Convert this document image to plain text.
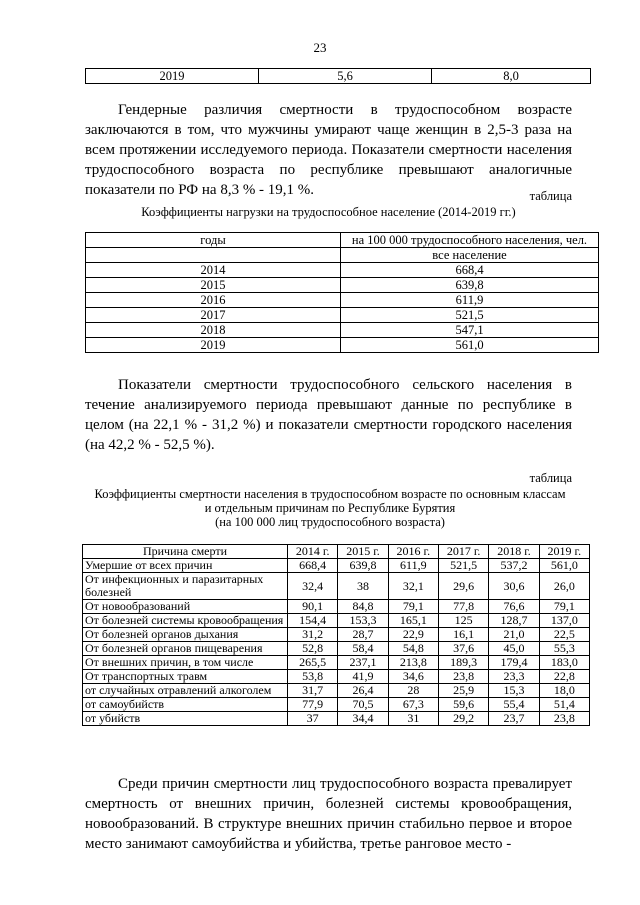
23
2019	5,6	8,0
Гендерные различия смертности в трудоспособном возрасте заключаются в том, что мужчины умирают чаще женщин в 2,5-3 раза на всем протяжении исследуемого периода. Показатели смертности населения трудоспособного возраста по республике превышают аналогичные показатели по РФ на 8,3 % - 19,1 %.	таблица
Коэффициенты нагрузки на трудоспособное население (2014-2019 гг.)
годы	на 100 000 трудоспособного населения, чел.
	все население
2014	668,4
2015	639,8
2016	611,9
2017	521,5
2018	547,1
2019	561,0
Показатели смертности трудоспособного сельского населения в течение анализируемого периода превышают данные по республике в целом (на 22,1 % - 31,2 %) и показатели смертности городского населения (на 42,2 % - 52,5 %).
таблица
Коэффициенты смертности населения в трудоспособном возрасте по основным классам
и отдельным причинам по Республике Бурятия
(на 100 000 лиц трудоспособного возраста)
Причина смерти	2014 г.	2015 г.	2016 г.	2017 г.	2018 г.	2019 г.
Умершие от всех причин	668,4	639,8	611,9	521,5	537,2	561,0
От инфекционных и паразитарных болезней	32,4	38	32,1	29,6	30,6	26,0
От новообразований	90,1	84,8	79,1	77,8	76,6	79,1
От болезней системы кровообращения	154,4	153,3	165,1	125	128,7	137,0
От болезней органов дыхания	31,2	28,7	22,9	16,1	21,0	22,5
От болезней органов пищеварения	52,8	58,4	54,8	37,6	45,0	55,3
От внешних причин, в том числе	265,5	237,1	213,8	189,3	179,4	183,0
От транспортных травм	53,8	41,9	34,6	23,8	23,3	22,8
от случайных отравлений алкоголем	31,7	26,4	28	25,9	15,3	18,0
от самоубийств	77,9	70,5	67,3	59,6	55,4	51,4
от убийств	37	34,4	31	29,2	23,7	23,8
Среди причин смертности лиц трудоспособного возраста превалирует смертность от внешних причин, болезней системы кровообращения, новообразований. В структуре внешних причин стабильно первое и второе место занимают самоубийства и убийства, третье ранговое место -
